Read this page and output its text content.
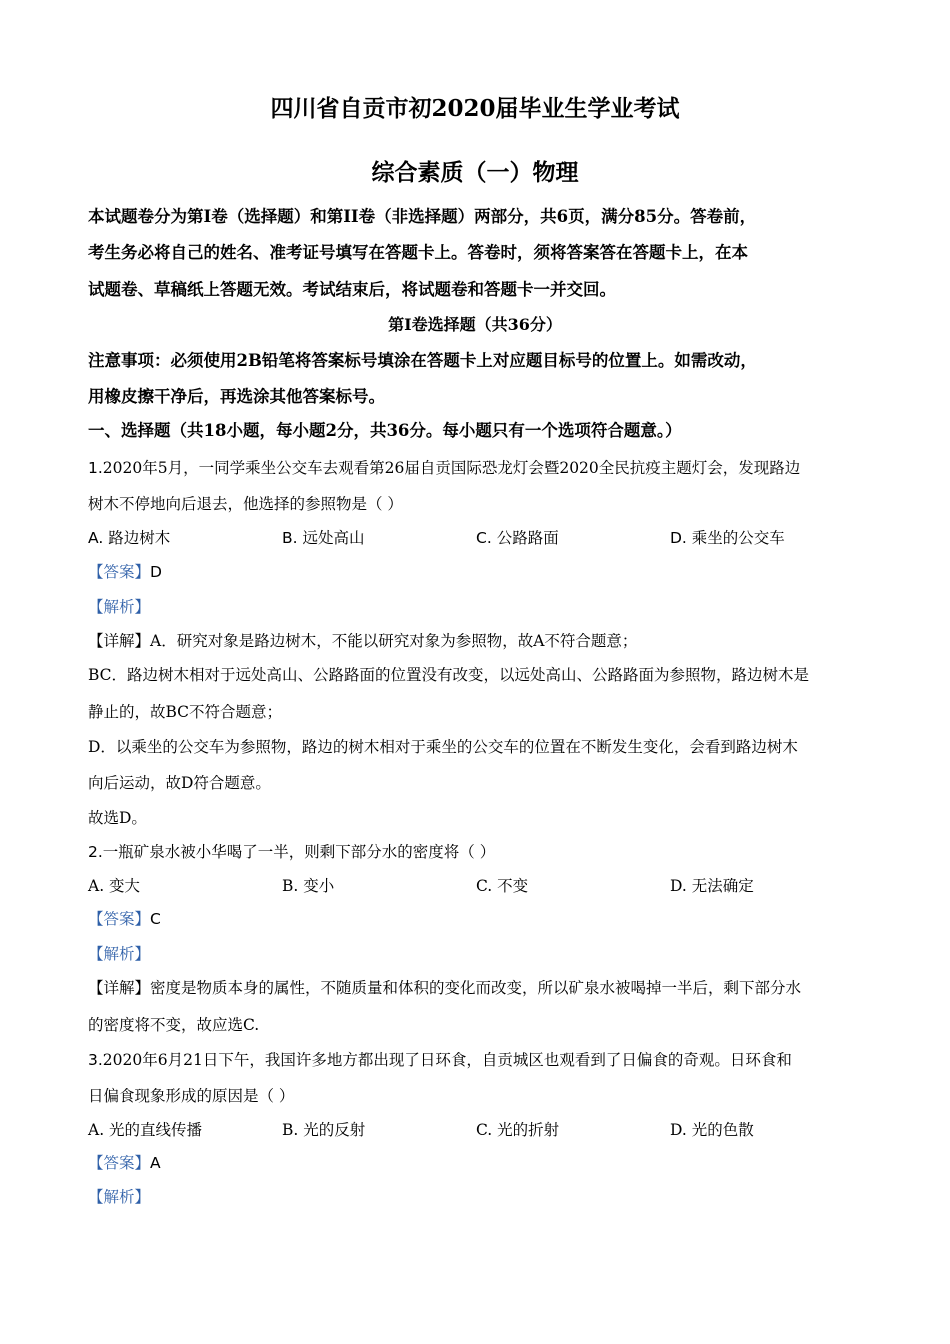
四川省自贡市初2020届毕业生学业考试
综合素质（一）物理
本试题卷分为第I卷（选择题）和第II卷（非选择题）两部分，共6页，满分85分。答卷前，
考生务必将自己的姓名、准考证号填写在答题卡上。答卷时，须将答案答在答题卡上，在本
试题卷、草稿纸上答题无效。考试结束后，将试题卷和答题卡一并交回。
第I卷选择题（共36分）
注意事项：必须使用2B铅笔将答案标号填涂在答题卡上对应题目标号的位置上。如需改动，
用橡皮擦干净后，再选涂其他答案标号。
一、选择题（共18小题，每小题2分，共36分。每小题只有一个选项符合题意。）
1.2020年5月，一同学乘坐公交车去观看第26届自贡国际恐龙灯会暨2020全民抗疫主题灯会，发现路边
树木不停地向后退去，他选择的参照物是（ ）
A. 路边树木	B. 远处高山	C. 公路路面	D. 乘坐的公交车
【答案】D
【解析】
【详解】A．研究对象是路边树木，不能以研究对象为参照物，故A不符合题意；
BC．路边树木相对于远处高山、公路路面的位置没有改变，以远处高山、公路路面为参照物，路边树木是
静止的，故BC不符合题意；
D．以乘坐的公交车为参照物，路边的树木相对于乘坐的公交车的位置在不断发生变化，会看到路边树木
向后运动，故D符合题意。
故选D。
2.一瓶矿泉水被小华喝了一半，则剩下部分水的密度将（ ）
A. 变大	B. 变小	C. 不变	D. 无法确定
【答案】C
【解析】
【详解】密度是物质本身的属性，不随质量和体积的变化而改变，所以矿泉水被喝掉一半后，剩下部分水
的密度将不变，故应选C.
3.2020年6月21日下午，我国许多地方都出现了日环食，自贡城区也观看到了日偏食的奇观。日环食和
日偏食现象形成的原因是（ ）
A. 光的直线传播	B. 光的反射	C. 光的折射	D. 光的色散
【答案】A
【解析】
